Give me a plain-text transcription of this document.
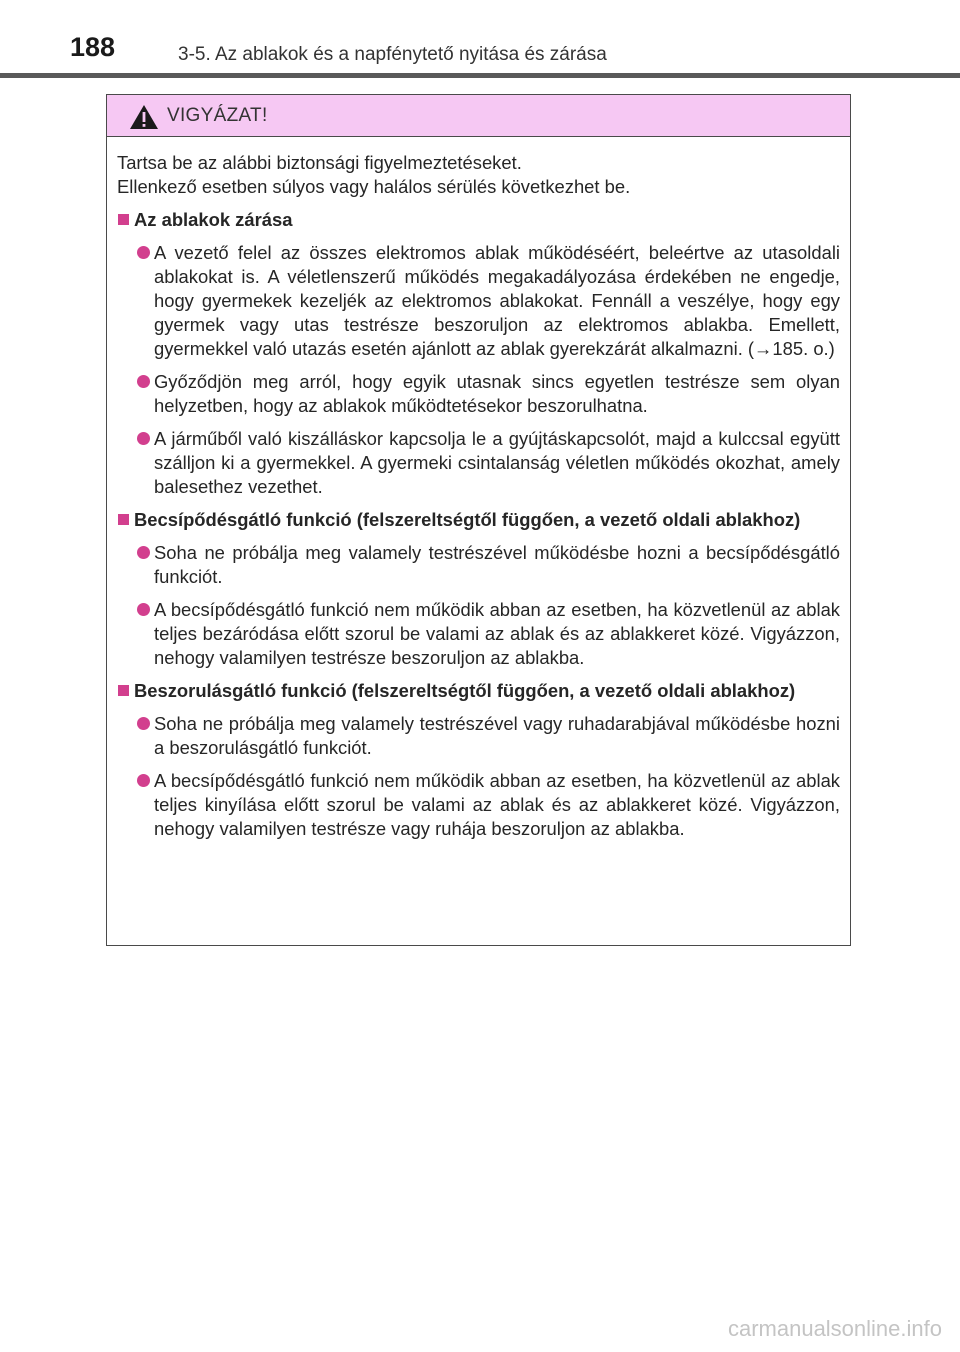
188	3-5. Az ablakok és a napfénytető nyitása és zárása
VIGYÁZAT!

Tartsa be az alábbi biztonsági figyelmeztetéseket.

Ellenkező esetben súlyos vagy halálos sérülés következhet be.

Az ablakok zárása
A vezető felel az összes elektromos ablak működéséért, beleértve az utasoldali ablakokat is. A véletlenszerű működés megakadályozása érdekében ne engedje, hogy gyermekek kezeljék az elektromos ablakokat. Fennáll a veszélye, hogy egy gyermek vagy utas testrésze beszoruljon az elektromos ablakba. Emellett, gyermekkel való utazás esetén ajánlott az ablak gyerekzárát alkalmazni. (→185. o.)
Győződjön meg arról, hogy egyik utasnak sincs egyetlen testrésze sem olyan helyzetben, hogy az ablakok működtetésekor beszorulhatna.
A járműből való kiszálláskor kapcsolja le a gyújtáskapcsolót, majd a kulccsal együtt szálljon ki a gyermekkel. A gyermeki csintalanság véletlen működés okozhat, amely balesethez vezethet.
Becsípődésgátló funkció (felszereltségtől függően, a vezető oldali ablakhoz)
Soha ne próbálja meg valamely testrészével működésbe hozni a becsípődésgátló funkciót.
A becsípődésgátló funkció nem működik abban az esetben, ha közvetlenül az ablak teljes bezáródása előtt szorul be valami az ablak és az ablakkeret közé. Vigyázzon, nehogy valamilyen testrésze beszoruljon az ablakba.
Beszorulásgátló funkció (felszereltségtől függően, a vezető oldali ablakhoz)
Soha ne próbálja meg valamely testrészével vagy ruhadarabjával működésbe hozni a beszorulásgátló funkciót.
A becsípődésgátló funkció nem működik abban az esetben, ha közvetlenül az ablak teljes kinyílása előtt szorul be valami az ablak és az ablakkeret közé. Vigyázzon, nehogy valamilyen testrésze vagy ruhája beszoruljon az ablakba.
carmanualsonline.info
